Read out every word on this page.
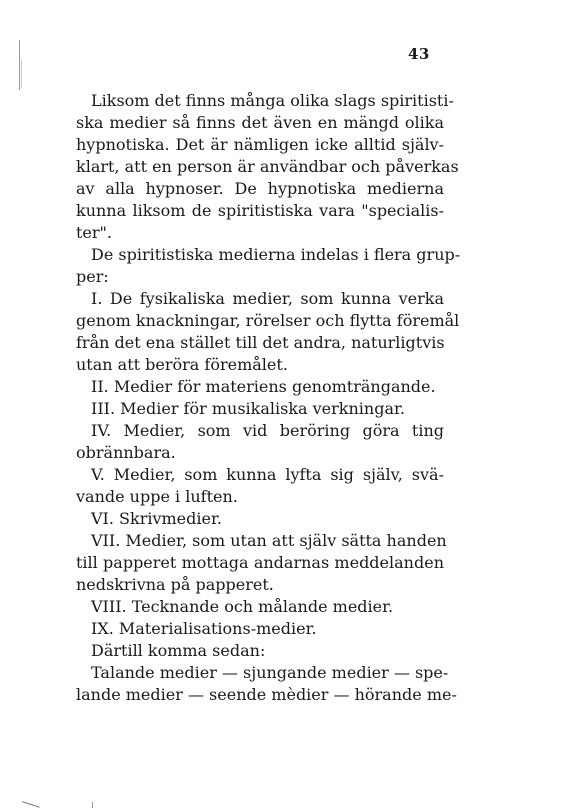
43
Liksom det finns många olika slags spiritisti-
ska medier så finns det även en mängd olika
hypnotiska. Det är nämligen icke alltid själv-
klart, att en person är användbar och påverkas
av alla hypnoser. De hypnotiska medierna
kunna liksom de spiritistiska vara "specialis-
ter".
De spiritistiska medierna indelas i flera grup-
per:
I. De fysikaliska medier, som kunna verka
genom knackningar, rörelser och flytta föremål
från det ena stället till det andra, naturligtvis
utan att beröra föremålet.
II. Medier för materiens genomträngande.
III. Medier för musikaliska verkningar.
IV. Medier, som vid beröring göra ting
obrännbara.
V. Medier, som kunna lyfta sig själv, svä-
vande uppe i luften.
VI. Skrivmedier.
VII. Medier, som utan att själv sätta handen
till papperet mottaga andarnas meddelanden
nedskrivna på papperet.
VIII. Tecknande och målande medier.
IX. Materialisations-medier.
Därtill komma sedan:
Talande medier — sjungande medier — spe-
lande medier — seende mèdier — hörande me-
